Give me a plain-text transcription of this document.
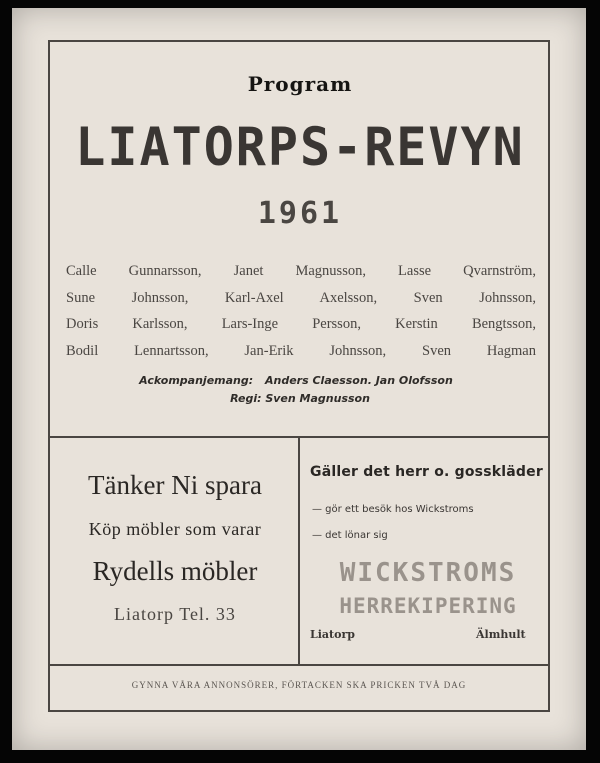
Program
LIATORPS-REVYN
1961
Calle Gunnarsson, Janet Magnusson, Lasse Qvarnström,
Sune Johnsson, Karl-Axel Axelsson, Sven Johnsson,
Doris Karlsson, Lars-Inge Persson, Kerstin Bengtsson,
Bodil Lennartsson, Jan-Erik Johnsson, Sven Hagman
Ackompanjemang: Anders Claesson. Jan Olofsson
Regi: Sven Magnusson
Tänker Ni spara
Köp möbler som varar
Rydells möbler
Liatorp Tel. 33
Gäller det herr o. gosskläder
— gör ett besök hos Wickstroms
— det lönar sig
WICKSTROMS
HERREKIPERING
Liatorp	Älmhult
GYNNA VÅRA ANNONSÖRER, FÖRTACKEN SKA PRICKEN TVÅ DAG
